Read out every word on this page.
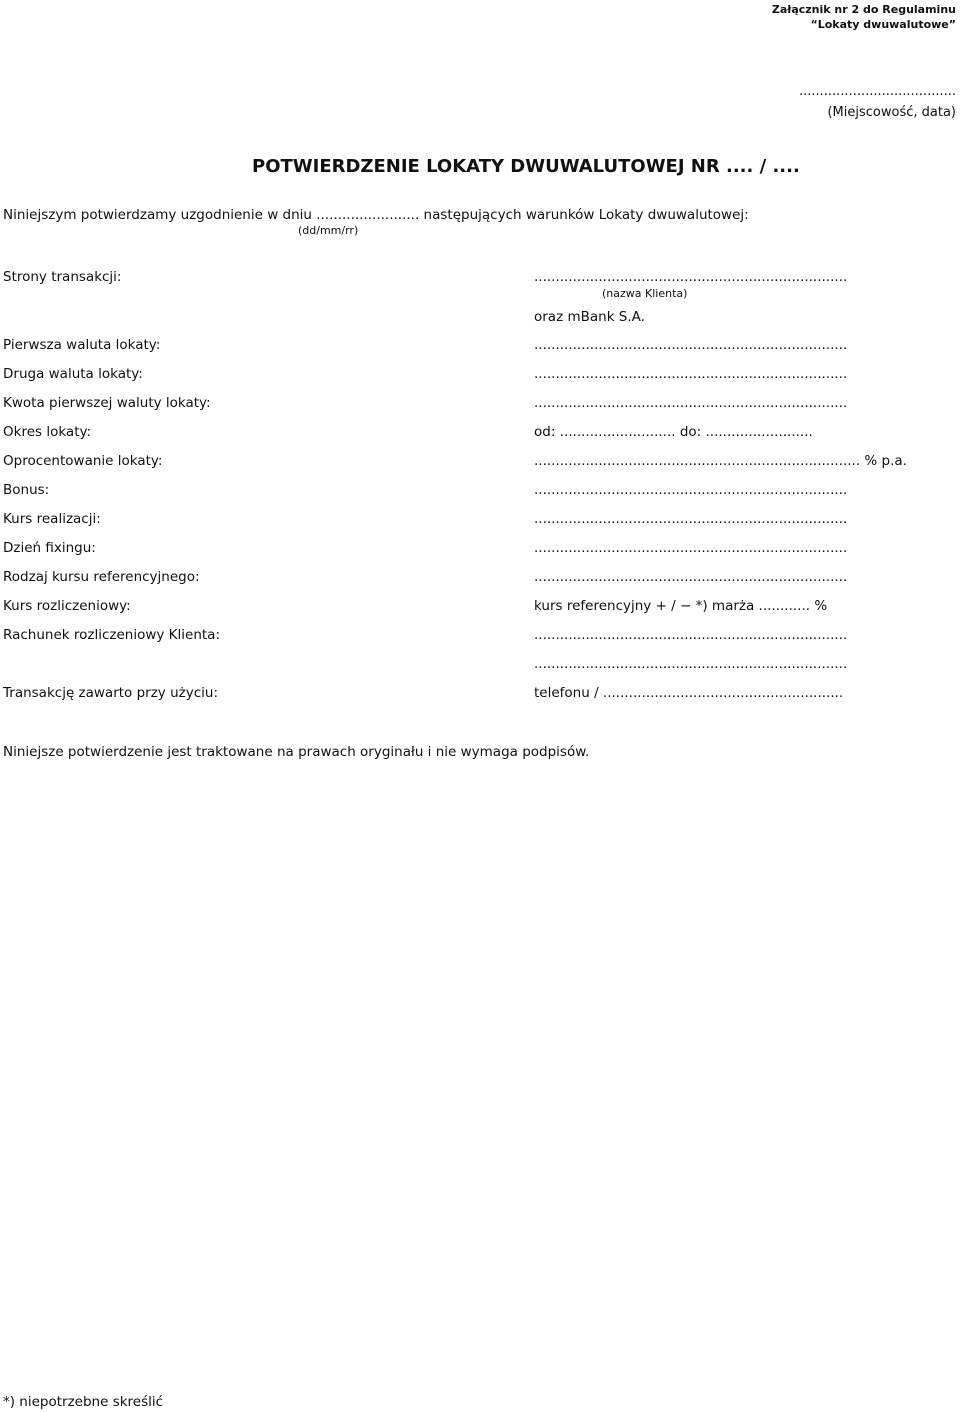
Załącznik nr 2 do Regulaminu
“Lokaty dwuwalutowe”
......................................
(Miejscowość, data)
POTWIERDZENIE LOKATY DWUWALUTOWEJ NR .... / ....
Niniejszym potwierdzamy uzgodnienie w dniu ........................ następujących warunków Lokaty dwuwalutowej:
(dd/mm/rr)
Strony transakcji:	.........................................................................
(nazwa Klienta)
oraz mBank S.A.
Pierwsza waluta lokaty:	.........................................................................
Druga waluta lokaty:	.........................................................................
Kwota pierwszej waluty lokaty:	.........................................................................
Okres lokaty:	od: ........................... do: .........................
Oprocentowanie lokaty:	............................................................................ % p.a.
Bonus:	.........................................................................
Kurs realizacji:	.........................................................................
Dzień fixingu:	.........................................................................
Rodzaj kursu referencyjnego:	.........................................................................
Kurs rozliczeniowy:	kurs referencyjny + / − *) marża ............ %
Rachunek rozliczeniowy Klienta:	.........................................................................
.........................................................................
Transakcję zawarto przy użyciu:	telefonu / ........................................................
Niniejsze potwierdzenie jest traktowane na prawach oryginału i nie wymaga podpisów.
*) niepotrzebne skreślić
